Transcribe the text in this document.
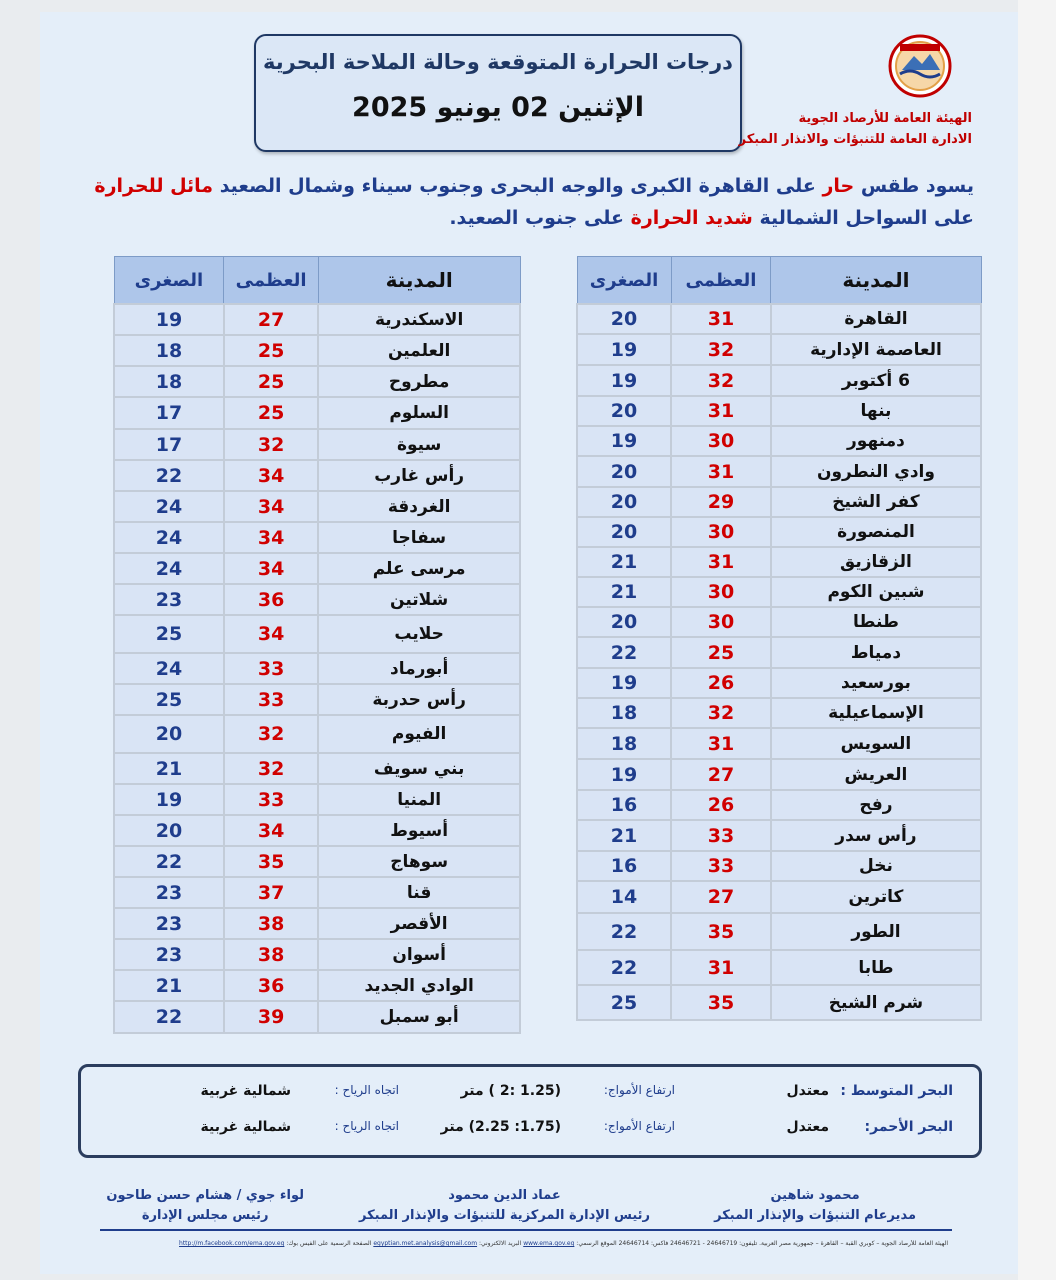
درجات الحرارة المتوقعة وحالة الملاحة البحرية
الإثنين 02 يونيو 2025	الهيئة العامة للأرصاد الجوية
الادارة العامة للتنبؤات والانذار المبكر
يسود طقس حار على القاهرة الكبرى والوجه البحرى وجنوب سيناء وشمال الصعيد مائل للحرارة على السواحل الشمالية شديد الحرارة على جنوب الصعيد.
المدينة	العظمى	الصغرى
القاهرة	31	20
العاصمة الإدارية	32	19
6 أكتوبر	32	19
بنها	31	20
دمنهور	30	19
وادي النطرون	31	20
كفر الشيخ	29	20
المنصورة	30	20
الزقازيق	31	21
شبين الكوم	30	21
طنطا	30	20
دمياط	25	22
بورسعيد	26	19
الإسماعيلية	32	18
السويس	31	18
العريش	27	19
رفح	26	16
رأس سدر	33	21
نخل	33	16
كاترين	27	14
الطور	35	22
طابا	31	22
شرم الشيخ	35	25
المدينة	العظمى	الصغرى
الاسكندرية	27	19
العلمين	25	18
مطروح	25	18
السلوم	25	17
سيوة	32	17
رأس غارب	34	22
الغردقة	34	24
سفاجا	34	24
مرسى علم	34	24
شلاتين	36	23
حلايب	34	25
أبورماد	33	24
رأس حدربة	33	25
الفيوم	32	20
بني سويف	32	21
المنيا	33	19
أسيوط	34	20
سوهاج	35	22
قنا	37	23
الأقصر	38	23
أسوان	38	23
الوادي الجديد	36	21
أبو سمبل	39	22
البحر المتوسط :
معتدل
ارتفاع الأمواج:
(1.25 :2 ) متر
اتجاه الرياح :
شمالية غربية
البحر الأحمر:
معتدل
ارتفاع الأمواج:
(1.75: 2.25) متر
اتجاه الرياح :
شمالية غربية
محمود شاهين
مديرعام التنبؤات والإنذار المبكر
عماد الدين محمود
رئيس الإدارة المركزية للتنبؤات والإنذار المبكر
لواء جوي / هشام حسن طاحون
رئيس مجلس الإدارة
الهيئة العامة للأرصاد الجوية – كوبري القبة – القاهرة – جمهورية مصر العربية. تليفون: 24646719 - 24646721 فاكس: 24646714 الموقع الرسمي: www.ema.gov.eg البريد الالكتروني: egyptian.met.analysis@gmail.com الصفحة الرسمية على الفيس بوك: http://m.facebook.com/ema.gov.eg
